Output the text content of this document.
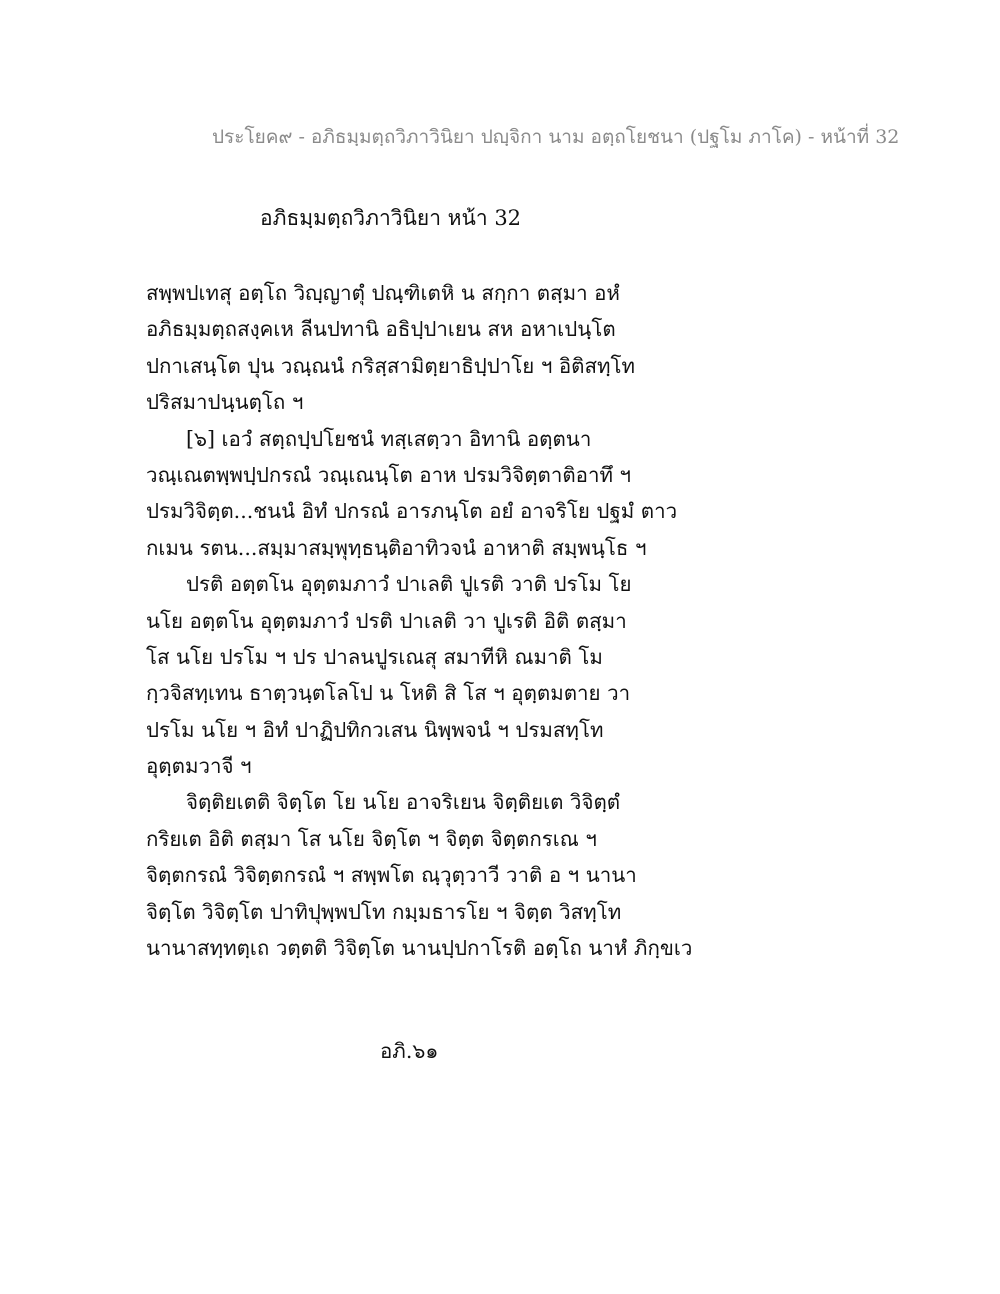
ประโยค๙ - อภิธมฺมตฺถวิภาวินิยา ปญฺจิกา นาม อตฺถโยชนา (ปฐโม ภาโค) - หน้าที่ 32
อภิธมฺมตฺถวิภาวินิยา หน้า 32
สพฺพปเทสุ อตฺโถ วิญฺญาตุํ ปณฺฑิเตหิ น สกฺกา ตสฺมา อหํ
อภิธมฺมตฺถสงฺคเห ลีนปทานิ อธิปฺปาเยน สห อหาเปนฺโต
ปกาเสนฺโต ปุน วณฺณนํ กริสฺสามิตฺยาธิปฺปาโย ฯ อิติสทฺโท
ปริสมาปนฺนตฺโถ ฯ
[๖] เอวํ สตฺถปฺปโยชนํ ทสฺเสตฺวา อิทานิ อตฺตนา
วณฺเณตพฺพปฺปกรณํ วณฺเณนฺโต อาห ปรมวิจิตฺตาติอาทึ ฯ
ปรมวิจิตฺต...ชนนํ อิทํ ปกรณํ อารภนฺโต อยํ อาจริโย ปฐมํ ตาว
กเมน รตน...สมฺมาสมฺพุทฺธนฺติอาทิวจนํ อาหาติ สมฺพนฺโธ ฯ
ปรติ อตฺตโน อุตฺตมภาวํ ปาเลติ ปูเรติ วาติ ปรโม โย
นโย อตฺตโน อุตฺตมภาวํ ปรติ ปาเลติ วา ปูเรติ อิติ ตสฺมา
โส นโย ปรโม ฯ ปร ปาลนปูรเณสุ สมาทีหิ ณมาติ โม
กฺวจิสทฺเทน ธาตฺวนฺตโลโป น โหติ สิ โส ฯ อุตฺตมตาย วา
ปรโม นโย ฯ อิทํ ปาฏิปทิกวเสน นิพฺพจนํ ฯ ปรมสทฺโท
อุตฺตมวาจี ฯ
จิตฺติยเตติ จิตฺโต โย นโย อาจริเยน จิตฺติยเต วิจิตฺตํ
กริยเต อิติ ตสฺมา โส นโย จิตฺโต ฯ จิตฺต จิตฺตกรเณ ฯ
จิตฺตกรณํ วิจิตฺตกรณํ ฯ สพฺพโต ณฺวุตฺวาวี วาติ อ ฯ นานา
จิตฺโต วิจิตฺโต ปาทิปุพฺพปโท กมฺมธารโย ฯ จิตฺต วิสทฺโท
นานาสทฺทตฺเถ วตฺตติ วิจิตฺโต นานปฺปกาโรติ อตฺโถ นาหํ ภิกฺขเว
อภิ.๖๑
